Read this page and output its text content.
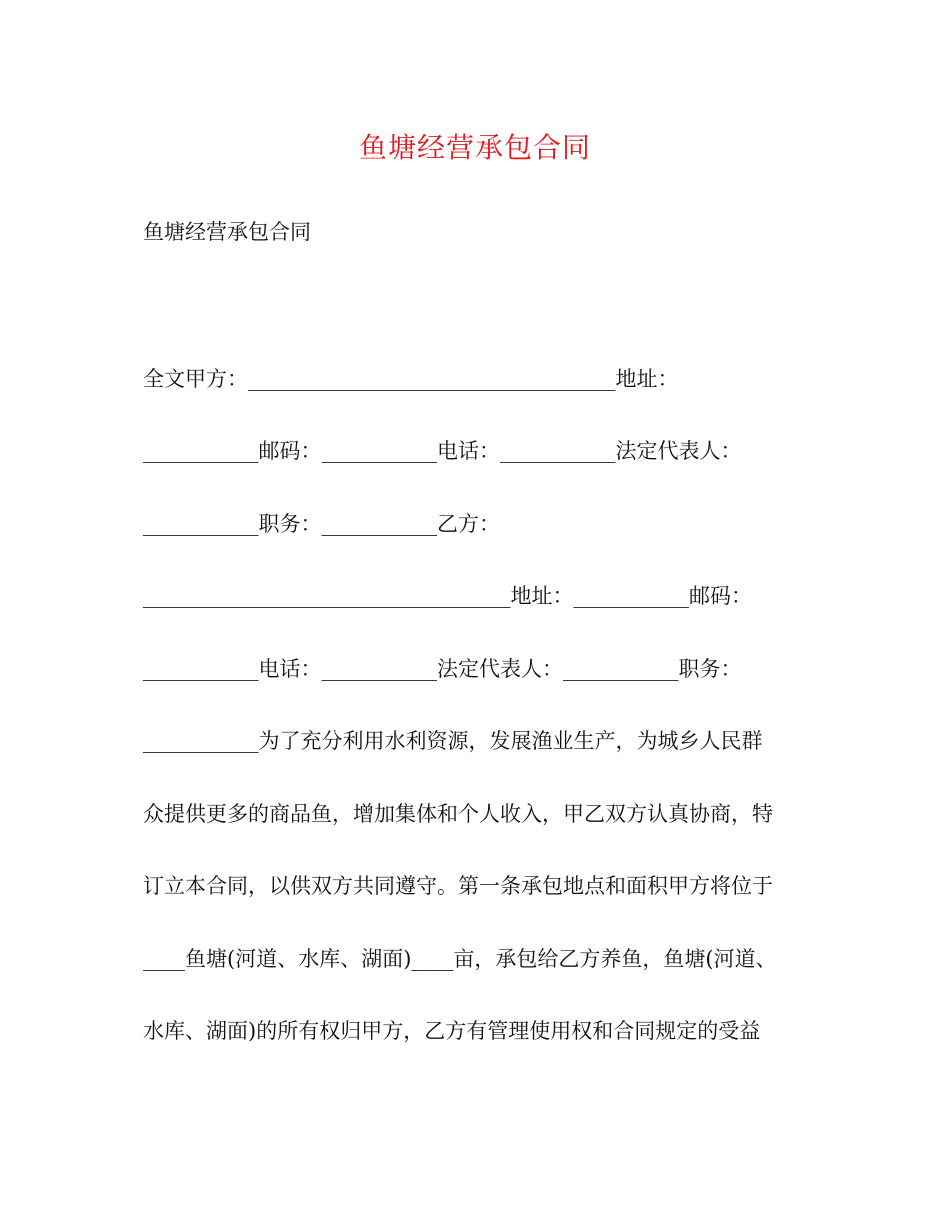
鱼塘经营承包合同
鱼塘经营承包合同
全文甲方：___________________________________地址：
___________邮码：___________电话：___________法定代表人：
___________职务：___________乙方：
___________________________________地址：___________邮码：
___________电话：___________法定代表人：___________职务：
___________为了充分利用水利资源，发展渔业生产，为城乡人民群
众提供更多的商品鱼，增加集体和个人收入，甲乙双方认真协商，特
订立本合同，以供双方共同遵守。第一条承包地点和面积甲方将位于
____鱼塘(河道、水库、湖面)____亩，承包给乙方养鱼，鱼塘(河道、
水库、湖面)的所有权归甲方，乙方有管理使用权和合同规定的受益
